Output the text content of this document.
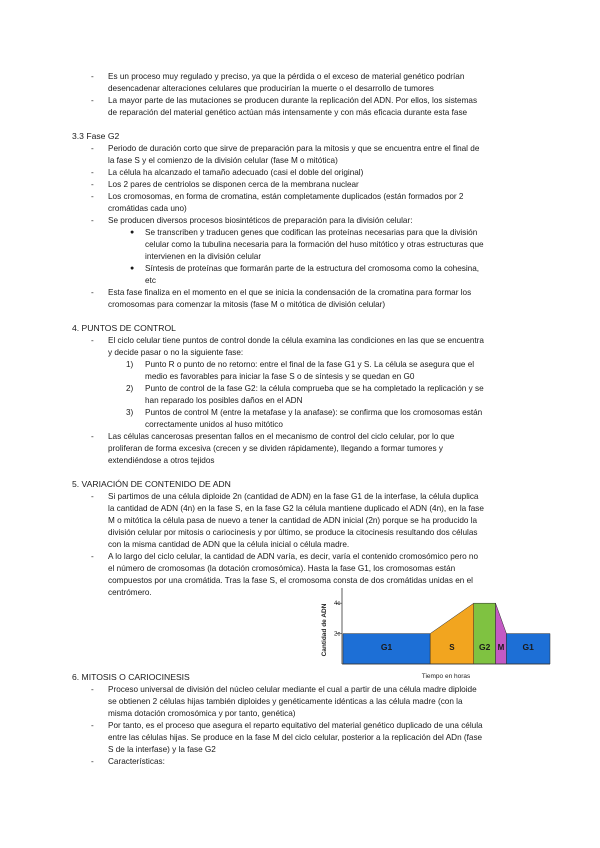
- Es un proceso muy regulado y preciso, ya que la pérdida o el exceso de material genético podrían
desencadenar alteraciones celulares que producirían la muerte o el desarrollo de tumores
- La mayor parte de las mutaciones se producen durante la replicación del ADN. Por ellos, los sistemas
de reparación del material genético actúan más intensamente y con más eficacia durante esta fase
3.3 Fase G2
- Periodo de duración corto que sirve de preparación para la mitosis y que se encuentra entre el final de
la fase S y el comienzo de la división celular (fase M o mitótica)
- La célula ha alcanzado el tamaño adecuado (casi el doble del original)
- Los 2 pares de centriolos se disponen cerca de la membrana nuclear
- Los cromosomas, en forma de cromatina, están completamente duplicados (están formados por 2
cromátidas cada uno)
- Se producen diversos procesos biosintéticos de preparación para la división celular:
● Se transcriben y traducen genes que codifican las proteínas necesarias para que la división
celular como la tubulina necesaria para la formación del huso mitótico y otras estructuras que
intervienen en la división celular
● Síntesis de proteínas que formarán parte de la estructura del cromosoma como la cohesina,
etc
- Esta fase finaliza en el momento en el que se inicia la condensación de la cromatina para formar los
cromosomas para comenzar la mitosis (fase M o mitótica de división celular)
4. PUNTOS DE CONTROL
- El ciclo celular tiene puntos de control donde la célula examina las condiciones en las que se encuentra
y decide pasar o no la siguiente fase:
1) Punto R o punto de no retorno: entre el final de la fase G1 y S. La célula se asegura que el
medio es favorables para iniciar la fase S o de síntesis y se quedan en G0
2) Punto de control de la fase G2: la célula comprueba que se ha completado la replicación y se
han reparado los posibles daños en el ADN
3) Puntos de control M (entre la metafase y la anafase): se confirma que los cromosomas están
correctamente unidos al huso mitótico
- Las células cancerosas presentan fallos en el mecanismo de control del ciclo celular, por lo que
proliferan de forma excesiva (crecen y se dividen rápidamente), llegando a formar tumores y
extendiéndose a otros tejidos
5. VARIACIÓN DE CONTENIDO DE ADN
- Si partimos de una célula diploide 2n (cantidad de ADN) en la fase G1 de la interfase, la célula duplica
la cantidad de ADN (4n) en la fase S, en la fase G2 la célula mantiene duplicado el ADN (4n), en la fase
M o mitótica la célula pasa de nuevo a tener la cantidad de ADN inicial (2n) porque se ha producido la
división celular por mitosis o cariocinesis y por último, se produce la citocinesis resultando dos células
con la misma cantidad de ADN que la célula inicial o célula madre.
- A lo largo del ciclo celular, la cantidad de ADN varía, es decir, varía el contenido cromosómico pero no
el número de cromosomas (la dotación cromosómica). Hasta la fase G1, los cromosomas están
compuestos por una cromátida. Tras la fase S, el cromosoma consta de dos cromátidas unidas en el
centrómero.
G1	S	G2 M G1
4c
2c
Cantidad de ADN
Tiempo en horas
6. MITOSIS O CARIOCINESIS
- Proceso universal de división del núcleo celular mediante el cual a partir de una célula madre diploide
se obtienen 2 células hijas también diploides y genéticamente idénticas a las célula madre (con la
misma dotación cromosómica y por tanto, genética)
- Por tanto, es el proceso que asegura el reparto equitativo del material genético duplicado de una célula
entre las células hijas. Se produce en la fase M del ciclo celular, posterior a la replicación del ADn (fase
S de la interfase) y la fase G2
- Características:
